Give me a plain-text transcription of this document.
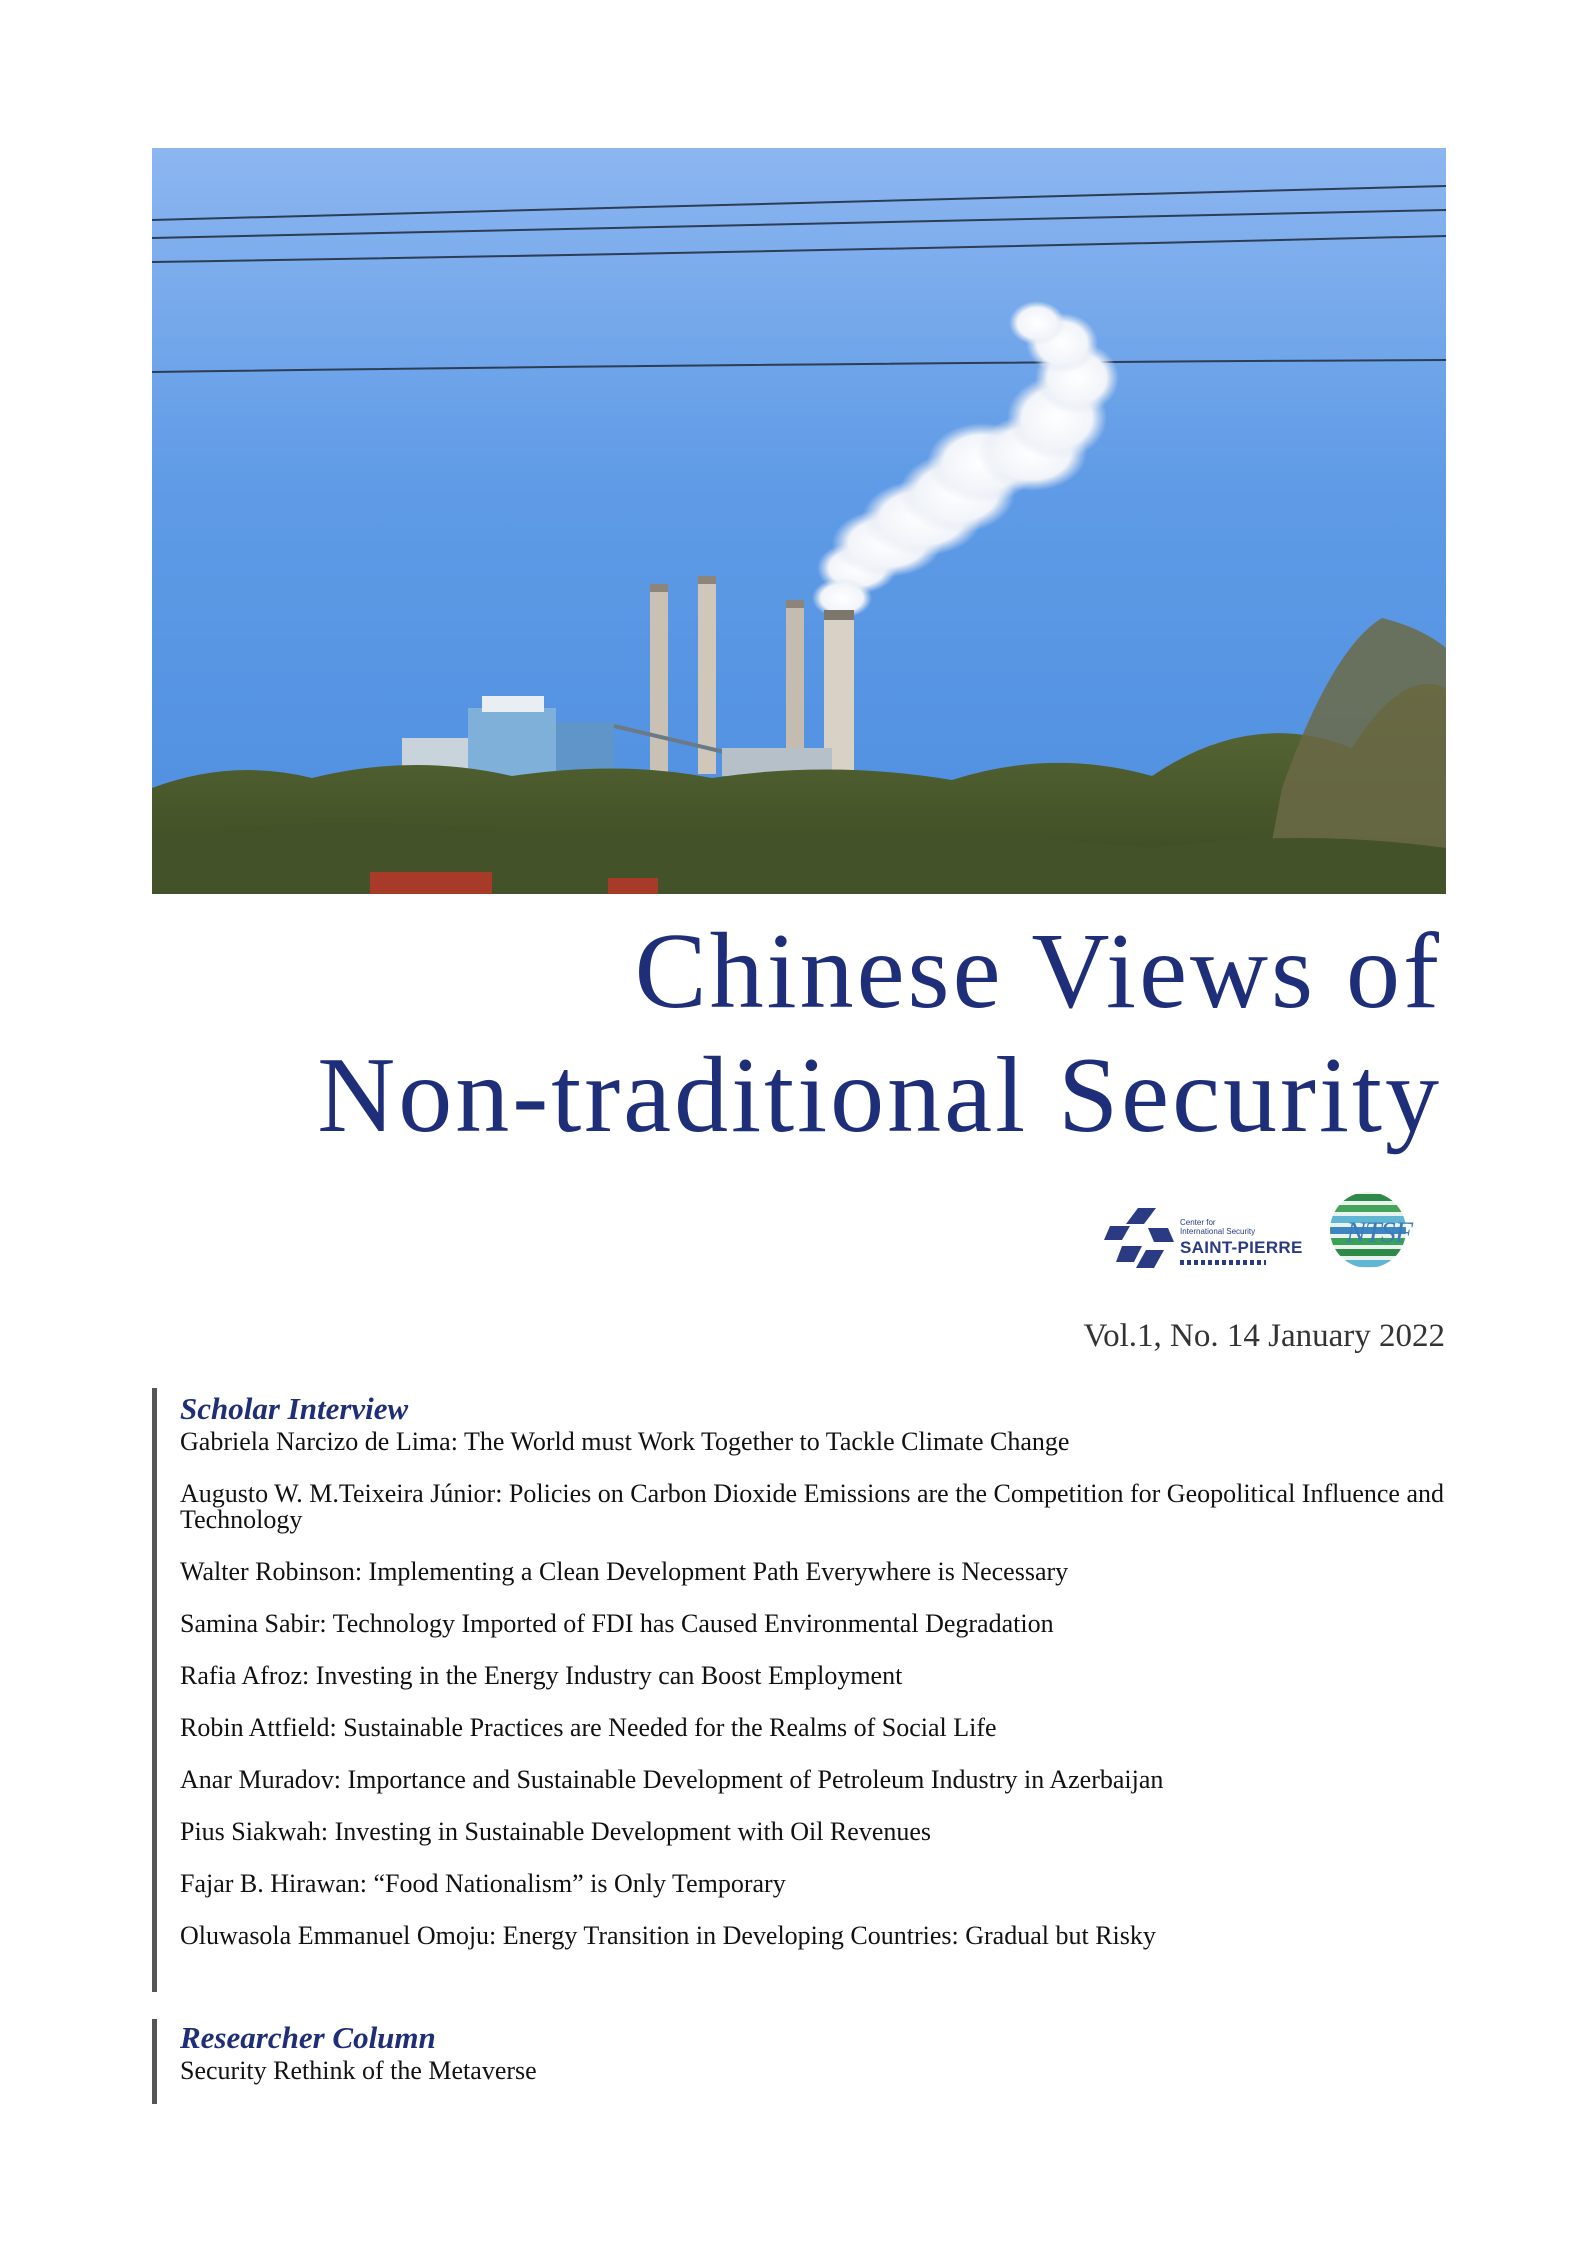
Chinese Views of
Non-traditional Security
Center for International Security
SAINT-PIERRE NTSF
Vol.1, No. 14 January 2022
Scholar Interview

Gabriela Narcizo de Lima: The World must Work Together to Tackle Climate Change

Augusto W. M.Teixeira Júnior: Policies on Carbon Dioxide Emissions are the Competition for Geopolitical Influence and Technology

Walter Robinson: Implementing a Clean Development Path Everywhere is Necessary

Samina Sabir: Technology Imported of FDI has Caused Environmental Degradation

Rafia Afroz: Investing in the Energy Industry can Boost Employment

Robin Attfield: Sustainable Practices are Needed for the Realms of Social Life

Anar Muradov: Importance and Sustainable Development of Petroleum Industry in Azerbaijan

Pius Siakwah: Investing in Sustainable Development with Oil Revenues

Fajar B. Hirawan: “Food Nationalism” is Only Temporary

Oluwasola Emmanuel Omoju: Energy Transition in Developing Countries: Gradual but Risky

Researcher Column

Security Rethink of the Metaverse
